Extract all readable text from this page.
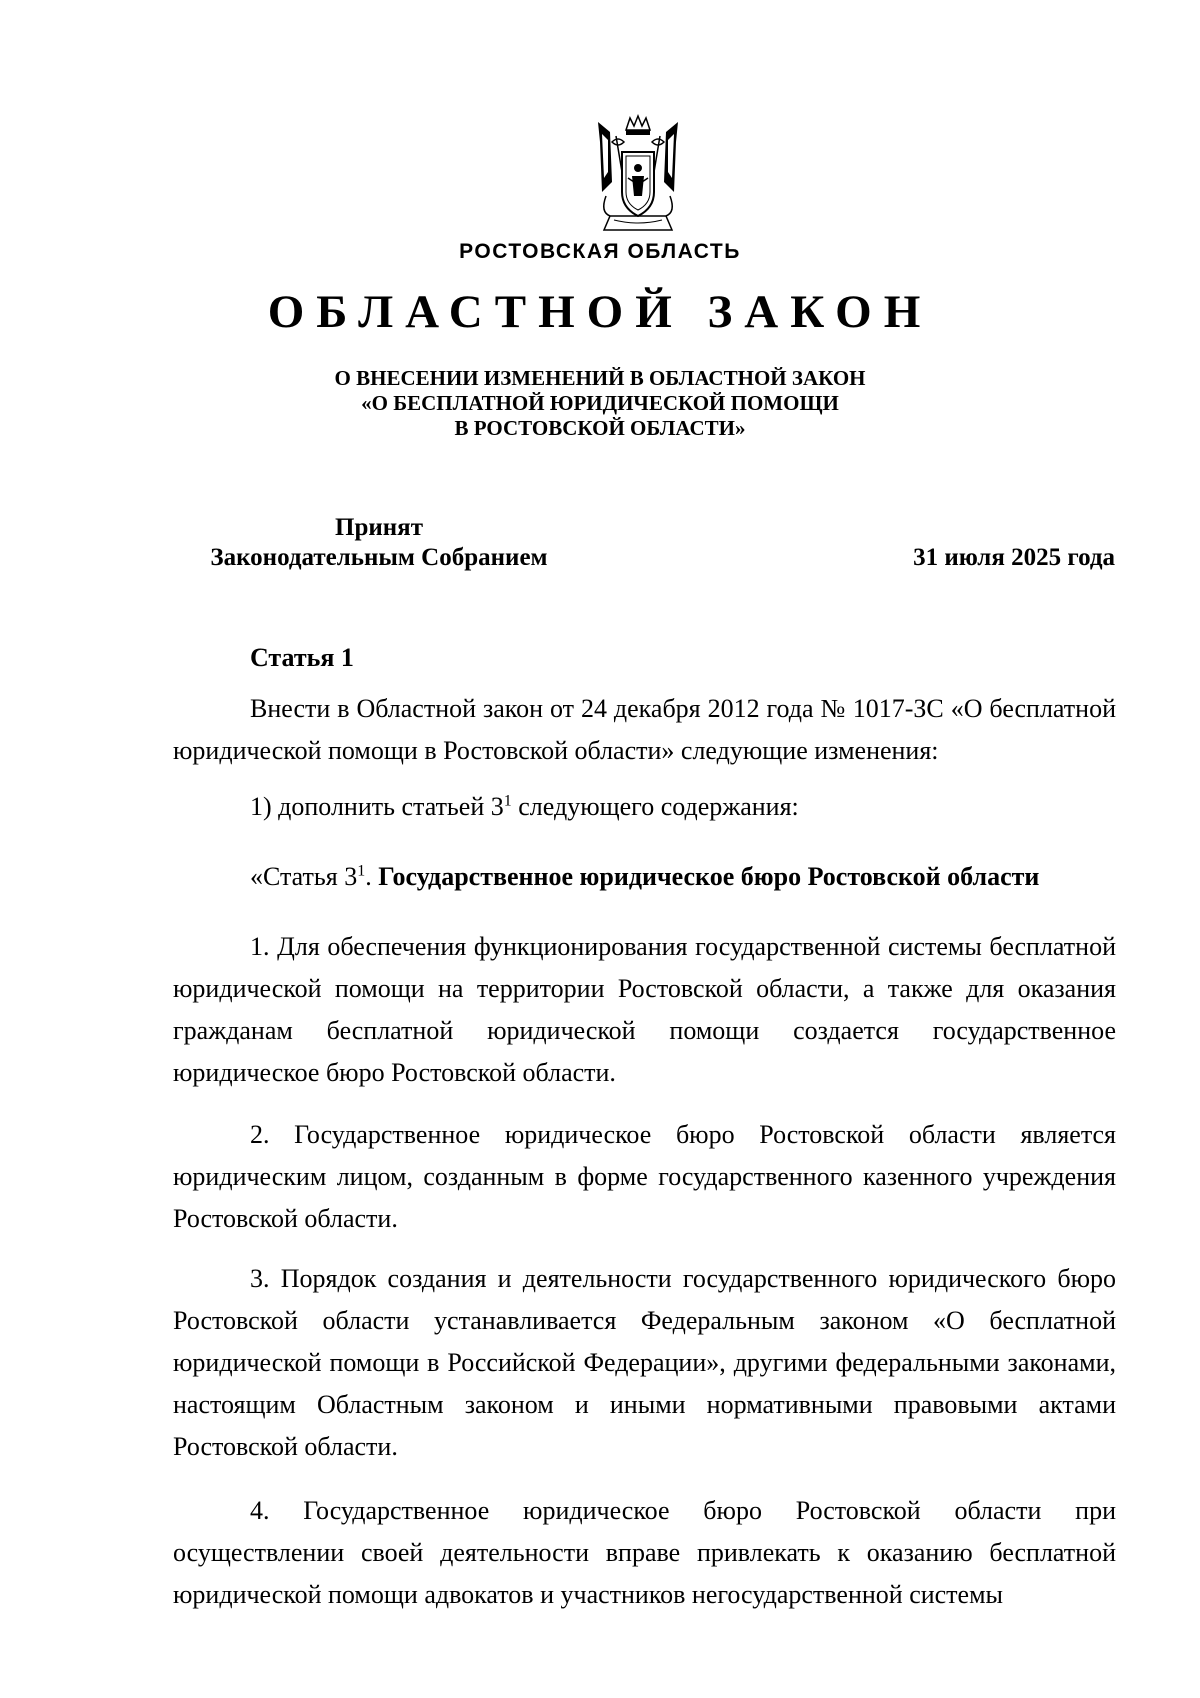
РОСТОВСКАЯ ОБЛАСТЬ
ОБЛАСТНОЙ ЗАКОН
О ВНЕСЕНИИ ИЗМЕНЕНИЙ В ОБЛАСТНОЙ ЗАКОН
«О БЕСПЛАТНОЙ ЮРИДИЧЕСКОЙ ПОМОЩИ
В РОСТОВСКОЙ ОБЛАСТИ»
Принят
Законодательным Собранием	31 июля 2025 года
Статья 1
Внести в Областной закон от 24 декабря 2012 года № 1017-ЗС «О бесплатной юридической помощи в Ростовской области» следующие изменения:
1) дополнить статьей $3^1$ следующего содержания:
«Статья $3^1$. Государственное юридическое бюро Ростовской области
1. Для обеспечения функционирования государственной системы бесплатной юридической помощи на территории Ростовской области, а также для оказания гражданам бесплатной юридической помощи создается государственное юридическое бюро Ростовской области.
2. Государственное юридическое бюро Ростовской области является юридическим лицом, созданным в форме государственного казенного учреждения Ростовской области.
3. Порядок создания и деятельности государственного юридического бюро Ростовской области устанавливается Федеральным законом «О бесплатной юридической помощи в Российской Федерации», другими федеральными законами, настоящим Областным законом и иными нормативными правовыми актами Ростовской области.
4. Государственное юридическое бюро Ростовской области при осуществлении своей деятельности вправе привлекать к оказанию бесплатной юридической помощи адвокатов и участников негосударственной системы
